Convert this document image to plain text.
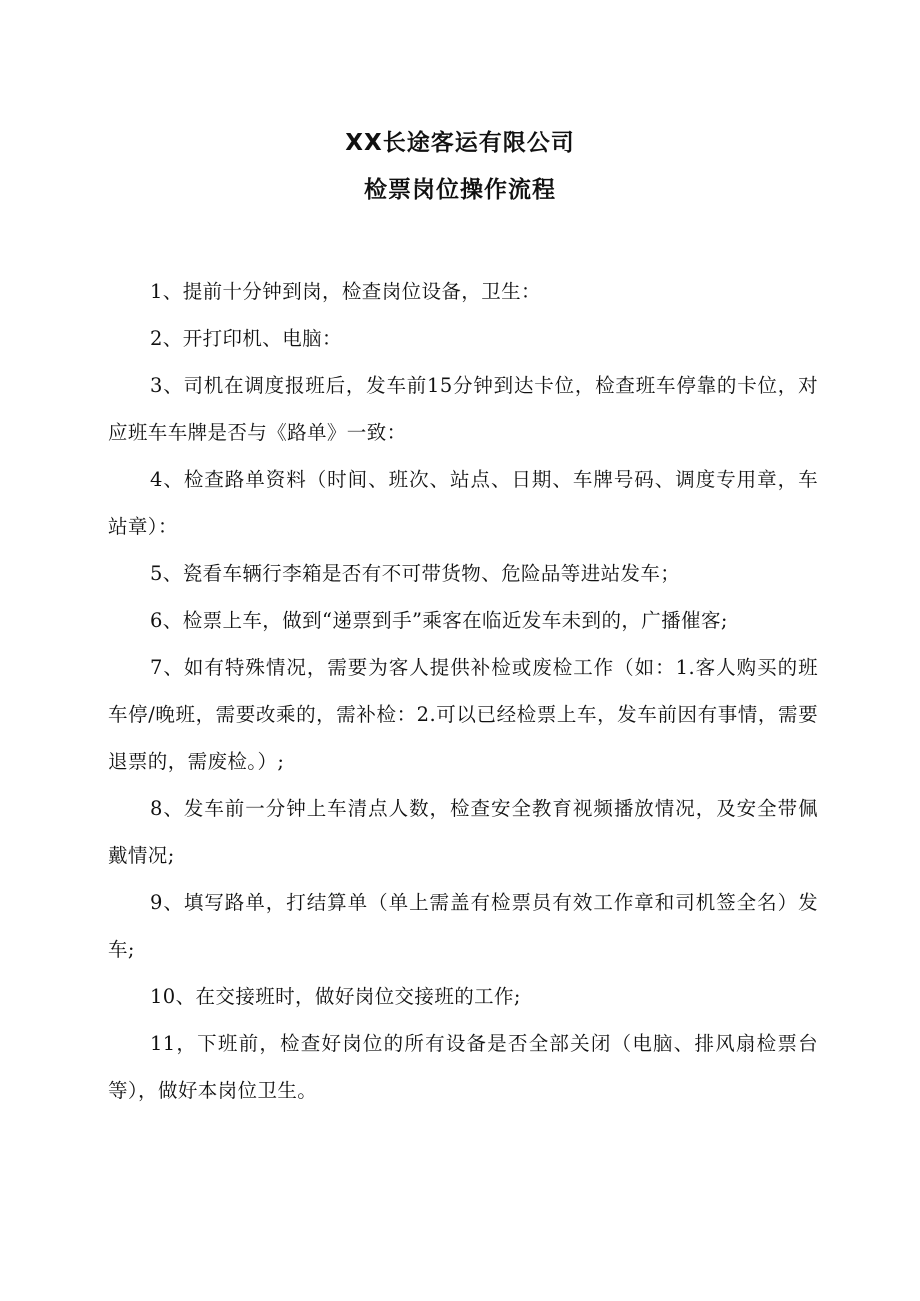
XX长途客运有限公司
检票岗位操作流程

1、提前十分钟到岗，检查岗位设备，卫生：

2、开打印机、电脑：

3、司机在调度报班后，发车前15分钟到达卡位，检查班车停靠的卡位，对应班车车牌是否与《路单》一致：

4、检查路单资料（时间、班次、站点、日期、车牌号码、调度专用章，车站章）：

5、瓷看车辆行李箱是否有不可带货物、危险品等进站发车；

6、检票上车，做到“递票到手”乘客在临近发车未到的，广播催客;

7、如有特殊情况，需要为客人提供补检或废检工作（如：1.客人购买的班车停/晚班，需要改乘的，需补检：2.可以已经检票上车，发车前因有事情，需要退票的，需废检。）;

8、发车前一分钟上车清点人数，检查安全教育视频播放情况，及安全带佩戴情况;

9、填写路单，打结算单（单上需盖有检票员有效工作章和司机签全名）发车;

10、在交接班时，做好岗位交接班的工作;

11，下班前，检查好岗位的所有设备是否全部关闭（电脑、排风扇检票台等），做好本岗位卫生。
